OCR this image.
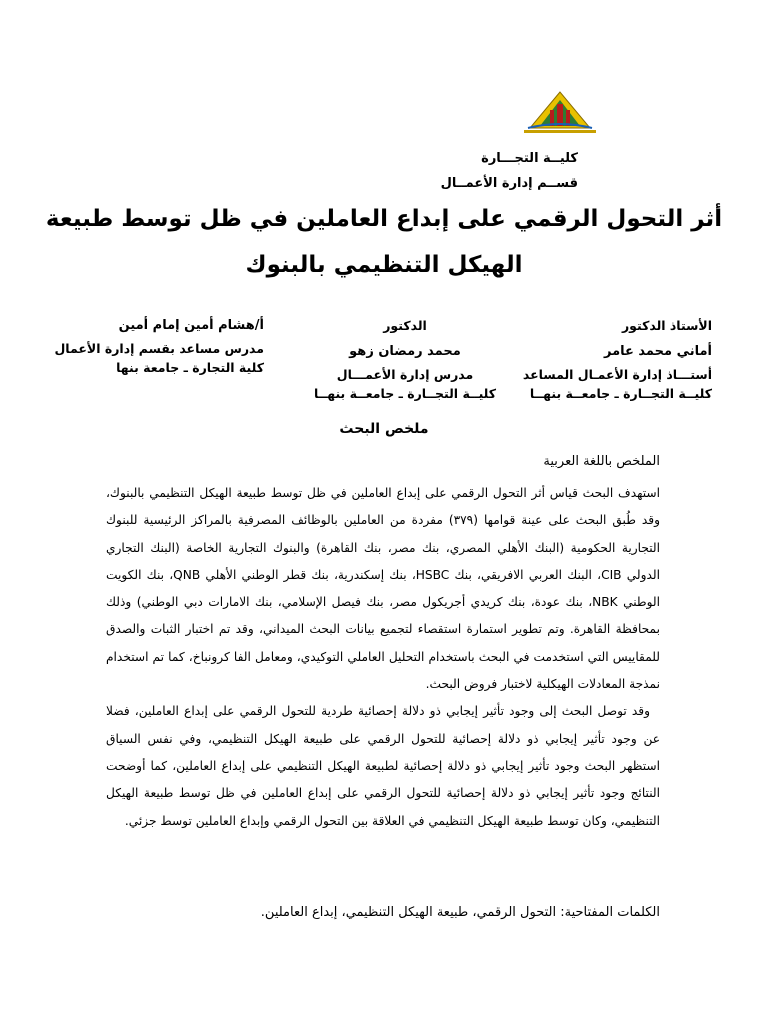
كليــة التجـــارة
قســم إدارة الأعمــال
أثر التحول الرقمي على إبداع العاملين في ظل توسط طبيعة
الهيكل التنظيمي بالبنوك
الأستاذ الدكتور
أماني محمد عامر
أستـــاذ إدارة الأعمـال المساعد
كليــة التجــارة ـ جامعــة بنهــا
الدكتور
محمد رمضان زهو
مدرس إدارة الأعمـــال
كليــة التجــارة ـ جامعــة بنهــا
أ/هشام أمين إمام أمين
مدرس مساعد بقسم إدارة الأعمال
كلية التجارة ـ جامعة بنها
ملخص البحث
الملخص باللغة العربية

استهدف البحث قياس أثر التحول الرقمي على إبداع العاملين في ظل توسط طبيعة الهيكل التنظيمي بالبنوك، وقد طُبق البحث على عينة قوامها (٣٧٩) مفردة من العاملين بالوظائف المصرفية بالمراكز الرئيسية للبنوك التجارية الحكومية (البنك الأهلي المصري، بنك مصر، بنك القاهرة) والبنوك التجارية الخاصة (البنك التجاري الدولي CIB، البنك العربي الافريقي، بنك HSBC، بنك إسكندرية، بنك قطر الوطني الأهلي QNB، بنك الكويت الوطني NBK، بنك عودة، بنك كريدي أجريكول مصر، بنك فيصل الإسلامي، بنك الامارات دبي الوطني) وذلك بمحافظة القاهرة. وتم تطوير استمارة استقصاء لتجميع بيانات البحث الميداني، وقد تم اختبار الثبات والصدق للمقاييس التي استخدمت في البحث باستخدام التحليل العاملي التوكيدي، ومعامل الفا كرونباخ، كما تم استخدام نمذجة المعادلات الهيكلية لاختبار فروض البحث.

وقد توصل البحث إلى وجود تأثير إيجابي ذو دلالة إحصائية طردية للتحول الرقمي على إبداع العاملين، فضلا عن وجود تأثير إيجابي ذو دلالة إحصائية للتحول الرقمي على طبيعة الهيكل التنظيمي، وفي نفس السياق استظهر البحث وجود تأثير إيجابي ذو دلالة إحصائية لطبيعة الهيكل التنظيمي على إبداع العاملين، كما أوضحت النتائج وجود تأثير إيجابي ذو دلالة إحصائية للتحول الرقمي على إبداع العاملين في ظل توسط طبيعة الهيكل التنظيمي، وكان توسط طبيعة الهيكل التنظيمي في العلاقة بين التحول الرقمي وإبداع العاملين توسط جزئي.

الكلمات المفتاحية: التحول الرقمي، طبيعة الهيكل التنظيمي، إبداع العاملين.
